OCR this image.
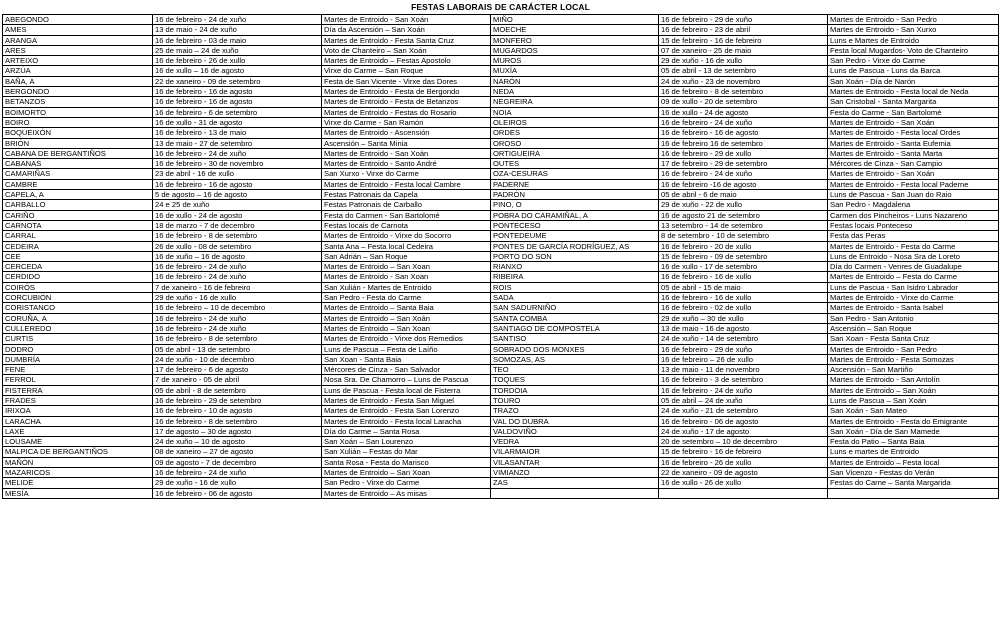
FESTAS LABORAIS DE CARÁCTER LOCAL
ABEGONDO	16 de febreiro - 24 de xuño	Martes de Entroido - San Xoán	MIÑO	16 de febreiro - 29 de xuño	Martes de Entroido - San Pedro
AMES	13 de maio - 24 de xuño	Día da Ascensión – San Xoán	MOECHE	16 de febreiro - 23 de abril	Martes de Entroido - San Xurxo
ARANGA	16 de febreiro - 03 de maio	Martes de Entroido - Festa Santa Cruz	MONFERO	15 de febreiro - 16 de febreiro	Luns e Martes de Entroido
ARES	25 de maio – 24 de xuño	Voto de Chanteiro – San Xoán	MUGARDOS	07 de xaneiro - 25 de maio	Festa local Mugardos- Voto de Chanteiro
ARTEIXO	16 de febreiro - 26 de xullo	Martes de Entroido – Festas Apostolo	MUROS	29 de xuño - 16 de xullo	San Pedro - Virxe do Carme
ARZÚA	16 de xullo – 16 de agosto	Virxe do Carme – San Roque	MUXÍA	05 de abril - 13 de setembro	Luns de Pascua - Luns da Barca
BAÑA, A	22 de xaneiro - 09 de setembro	Festa de San Vicente - Virxe das Dores	NARÓN	24 de xuño - 23 de novembro	San Xoán - Día de Narón
BERGONDO	16 de febreiro - 16 de agosto	Martes de Entroido - Festa de Bergondo	NEDA	16 de febreiro - 8 de setembro	Martes de Entroido - Festa local de Neda
BETANZOS	16 de febreiro - 16 de agosto	Martes de Entroido - Festa de Betanzos	NEGREIRA	09 de xullo - 20 de setembro	San Cristobal - Santa Margarita
BOIMORTO	16 de febreiro - 6 de setembro	Martes de Entroido - Festas do Rosario	NOIA	16 de xullo - 24 de agosto	Festa do Carme - San Bartolomé
BOIRO	16 de xullo - 31 de agosto	Virxe do Carme - San Ramón	OLEIROS	16 de febreiro - 24 de xuño	Martes de Entroido - San Xoán
BOQUEIXÓN	16 de febreiro - 13 de maio	Martes de Entroido - Ascensión	ORDES	16 de febreiro - 16 de agosto	Martes de Entroido - Festa local Ordes
BRIÓN	13 de maio - 27 de setembro	Ascensión – Santa Minia	OROSO	16 de febreiro 16 de setembro	Martes de Entroido - Santa Eufemia
CABANA DE BERGANTIÑOS	16 de febreiro - 24 de xuño	Martes de Entroido - San Xoán	ORTIGUEIRA	16 de febreiro - 29 de xullo	Martes de Entroido - Santa Marta
CABANAS	16 de febreiro - 30 de novembro	Martes de Entroido - Santo André	OUTES	17 de febreiro - 29 de setembro	Mércores de Cinza - San Campio
CAMARIÑAS	23 de abril - 16 de xullo	San Xurxo - Virxe do Carme	OZA-CESURAS	16 de febreiro - 24 de xuño	Martes de Entroido - San Xoán
CAMBRE	16 de febreiro - 16 de agosto	Martes de Entroido - Festa local Cambre	PADERNE	16 de febreiro -16 de agosto	Martes de Entroido - Festa local Paderne
CAPELA, A	5 de agosto – 16 de agosto	Festas Patronais da Capela	PADRÓN	05 de abril - 6 de maio	Luns de Pascua - San Juan do Raio
CARBALLO	24 e 25 de xuño	Festas Patronais de Carballo	PINO, O	29 de xuño - 22 de xullo	San Pedro - Magdalena
CARIÑO	16 de xullo - 24 de agosto	Festa do Carmen - San Bartolomé	POBRA DO CARAMIÑAL, A	16 de agosto 21 de setembro	Carmen dos Pincheiros - Luns Nazareno
CARNOTA	18 de marzo - 7 de decembro	Festas locais de Carnota	PONTECESO	13 setembro - 14 de setembro	Festas locais Ponteceso
CARRAL	16 de febreiro - 8 de setembro	Martes de Entroido - Virxe do Socorro	PONTEDEUME	8 de setembro - 10 de setembro	Festa das Peras
CEDEIRA	26 de xullo - 08 de setembro	Santa Ana – Festa local Cedeira	PONTES DE GARCÍA RODRÍGUEZ, AS	16 de febreiro - 20 de xullo	Martes de Entroido - Festa do Carme
CEE	16 de xuño – 16 de agosto	San Adrián – San Roque	PORTO DO SON	15 de febreiro - 09 de setembro	Luns de Entroido - Nosa Sra de Loreto
CERCEDA	16 de febreiro - 24 de xuño	Martes de Entroido – San Xoan	RIANXO	16 de xullo - 17 de setembro	Día do Carmen - Venres de Guadalupe
CERDIDO	16 de febreiro - 24 de xuño	Martes de Entroido - San Xoan	RIBEIRA	16 de febreiro - 16 de xullo	Martes de Entroido – Festa do Carme
COIRÓS	7 de xaneiro - 16 de febreiro	San Xulián - Martes de Entroido	ROIS	05 de abril - 15 de maio	Luns de Pascua - San Isidro Labrador
CORCUBIÓN	29 de xuño - 16 de xullo	San Pedro - Festa do Carme	SADA	16 de febreiro - 16 de xullo	Martes de Entroido - Virxe do Carme
CORISTANCO	16 de febreiro – 10 de decembro	Martes de Entroido – Santa Baia	SAN SADURNIÑO	16 de febreiro - 02 de xullo	Martes de Entroido - Santa Isabel
CORUÑA, A	16 de febreiro - 24 de xuño	Martes de Entroido – San Xoán	SANTA COMBA	29 de xuño – 30 de xullo	San Pedro - San Antonio
CULLEREDO	16 de febreiro - 24 de xuño	Martes de Entroido – San Xoan	SANTIAGO DE COMPOSTELA	13 de maio - 16 de agosto	Ascensión – San Roque
CURTIS	16 de febreiro - 8 de setembro	Martes de Entroido - Virxe dos Remedios	SANTISO	24 de xuño - 14 de setembro	San Xoan - Festa Santa Cruz
DODRO	05 de abril - 13 de setembro	Luns de Pascua – Festa de Laíño	SOBRADO DOS MONXES	16 de febreiro - 29 de xuño	Martes de Entroido - San Pedro
DUMBRÍA	24 de xuño - 10 de decembro	San Xoan - Santa Baia	SOMOZAS, AS	16 de febreiro – 26 de xullo	Martes de Entroido - Festa Somozas
FENE	17 de febreiro - 6 de agosto	Mércores de Cinza - San Salvador	TEO	13 de maio - 11 de novembro	Ascensión - San Martiño
FERROL	7 de xaneiro - 05 de abril	Nosa Sra. De Chamorro – Luns de Pascua	TOQUES	16 de febreiro - 3 de setembro	Martes de Entroido - San Antolín
FISTERRA	05 de abril - 8 de setembro	Luns de Pascua - Festa local de Fisterra	TORDOIA	16 de febreiro - 24 de xuño	Martes de Entroido – San Xoán
FRADES	16 de febreiro - 29 de setembro	Martes de Entroido - Festa San Miguel	TOURO	05 de abril – 24 de xuño	Luns de Pascua – San Xoán
IRIXOA	16 de febreiro - 10 de agosto	Martes de Entroido - Festa San Lorenzo	TRAZO	24 de xuño - 21 de setembro	San Xoán - San Mateo
LARACHA	16 de febreiro - 8 de setembro	Martes de Entroido - Festa local Laracha	VAL DO DUBRA	16 de febreiro - 06 de agosto	Martes de Entroido - Festa do Emigrante
LAXE	17 de agosto – 30 de agosto	Día do Carme – Santa Rosa	VALDOVIÑO	24 de xuño - 17 de agosto	San Xoán - Día de San Mamede
LOUSAME	24 de xuño – 10 de agosto	San Xoán – San Lourenzo	VEDRA	20 de setembro – 10 de decembro	Festa do Patio – Santa Baia
MALPICA DE BERGANTIÑOS	08 de xaneiro – 27 de agosto	San Xulián – Festas do Mar	VILARMAIOR	15 de febreiro - 16 de febreiro	Luns e martes de Entroido
MAÑÓN	09 de agosto - 7 de decembro	Santa Rosa - Festa do Marisco	VILASANTAR	16 de febreiro - 26 de xullo	Martes de Entroido – Festa local
MAZARICOS	16 de febreiro - 24 de xuño	Martes de Entroido – San Xoan	VIMIANZO	22 de xaneiro - 09 de agosto	San Vicenzo - Festas do Verán
MELIDE	29 de xuño - 16 de xullo	San Pedro - Virxe do Carme	ZAS	16 de xullo - 26 de xullo	Festas do Carne – Santa Margarida
MESÍA	16 de febreiro - 06 de agosto	Martes de Entroido – As misas			
